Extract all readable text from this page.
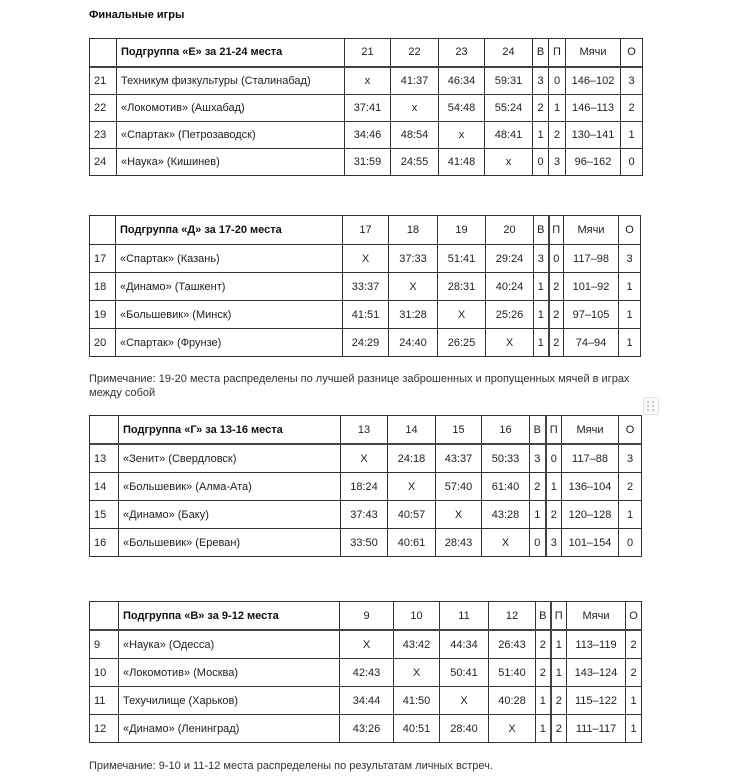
Финальные игры
	Подгруппа «Е» за 21-24 места	21	22	23	24	В	П	Мячи	О
21	Техникум физкультуры (Сталинабад)	x	41:37	46:34	59:31	3	0	146–102	3
22	«Локомотив» (Ашхабад)	37:41	x	54:48	55:24	2	1	146–113	2
23	«Спартак» (Петрозаводск)	34:46	48:54	x	48:41	1	2	130–141	1
24	«Наука» (Кишинев)	31:59	24:55	41:48	x	0	3	96–162	0
	Подгруппа «Д» за 17-20 места	17	18	19	20	В	П	Мячи	О
17	«Спартак» (Казань)	X	37:33	51:41	29:24	3	0	117–98	3
18	«Динамо» (Ташкент)	33:37	X	28:31	40:24	1	2	101–92	1
19	«Большевик» (Минск)	41:51	31:28	X	25:26	1	2	97–105	1
20	«Спартак» (Фрунзе)	24:29	24:40	26:25	X	1	2	74–94	1
Примечание: 19-20 места распределены по лучшей разнице заброшенных и пропущенных мячей в играх между собой
	Подгруппа «Г» за 13-16 места	13	14	15	16	В	П	Мячи	О
13	«Зенит» (Свердловск)	X	24:18	43:37	50:33	3	0	117–88	3
14	«Большевик» (Алма-Ата)	18:24	X	57:40	61:40	2	1	136–104	2
15	«Динамо» (Баку)	37:43	40:57	X	43:28	1	2	120–128	1
16	«Большевик» (Ереван)	33:50	40:61	28:43	X	0	3	101–154	0
	Подгруппа «В» за 9-12 места	9	10	11	12	В	П	Мячи	О
9	«Наука» (Одесса)	X	43:42	44:34	26:43	2	1	113–119	2
10	«Локомотив» (Москва)	42:43	X	50:41	51:40	2	1	143–124	2
11	Техучилище (Харьков)	34:44	41:50	X	40:28	1	2	115–122	1
12	«Динамо» (Ленинград)	43:26	40:51	28:40	X	1	2	111–117	1
Примечание: 9-10 и 11-12 места распределены по результатам личных встреч.
